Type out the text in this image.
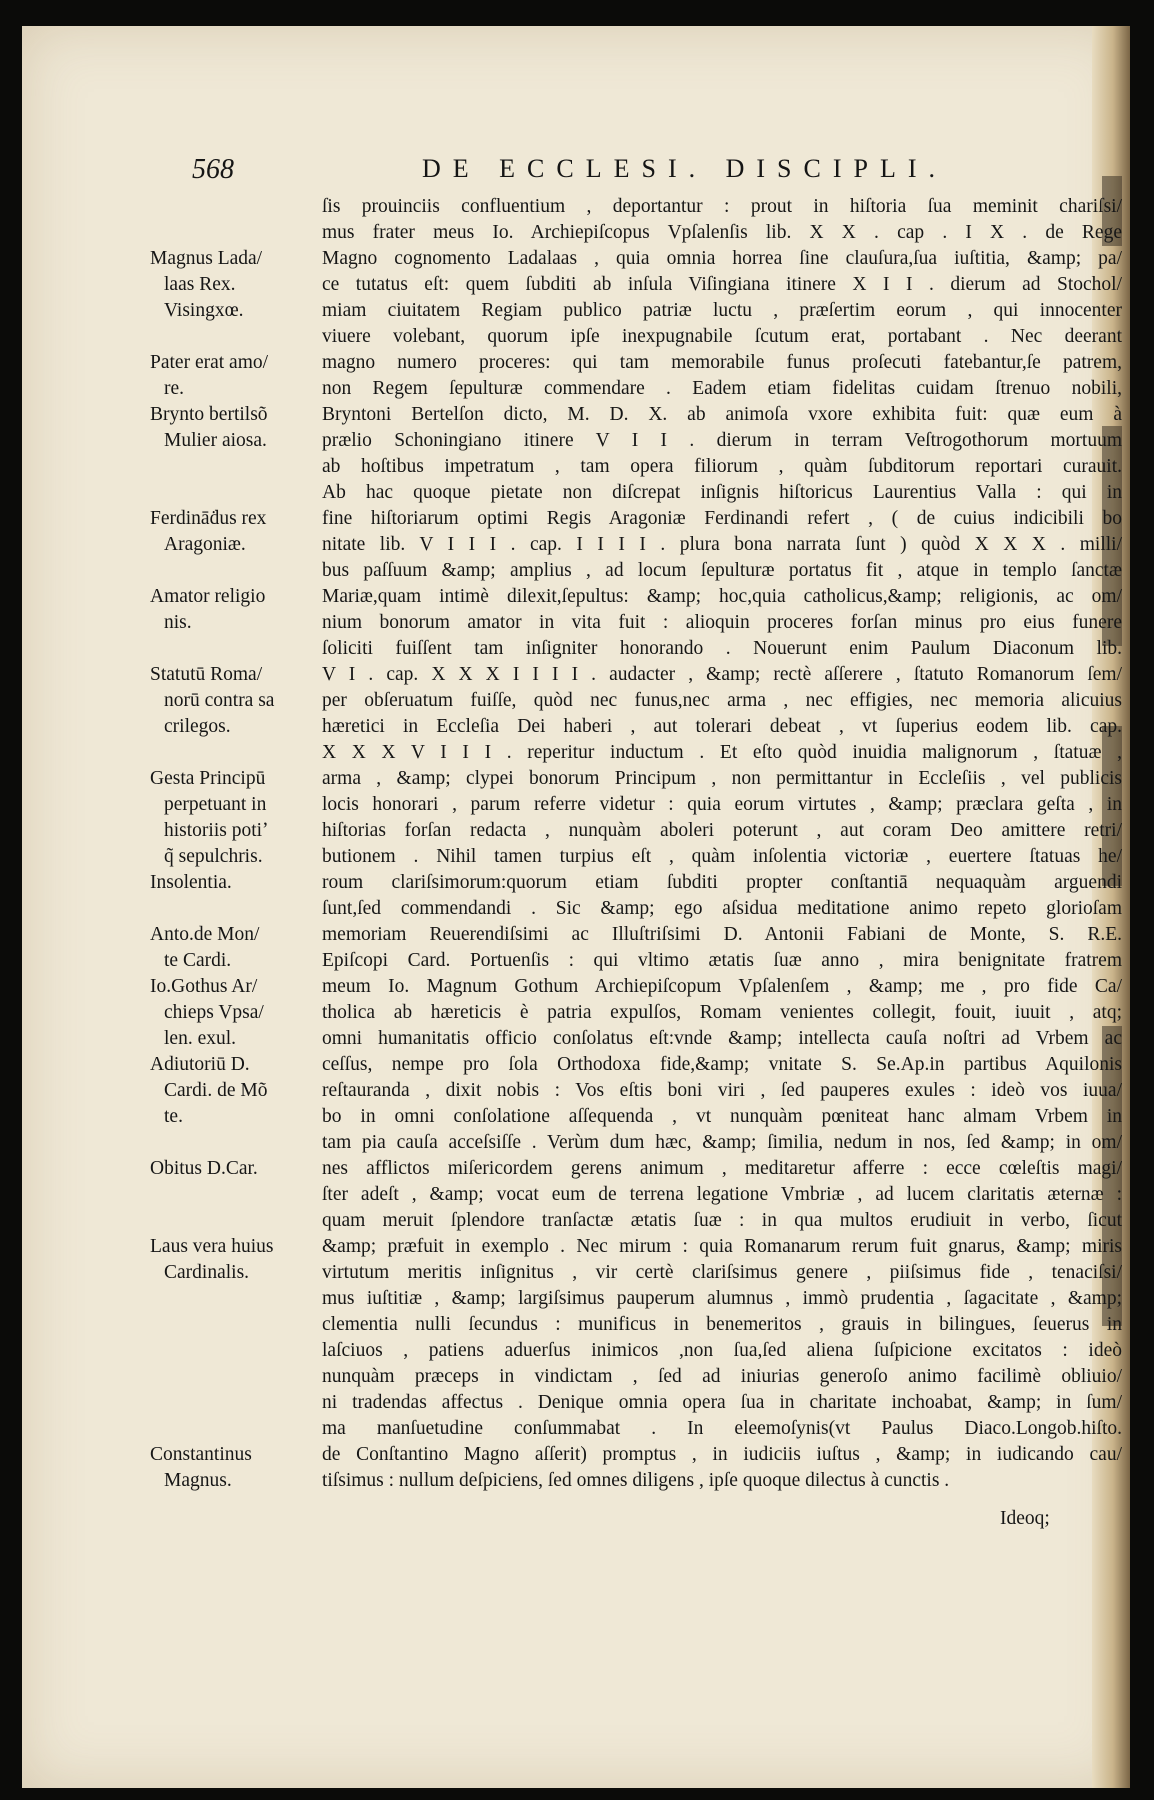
568	DE ECCLESI. DISCIPLI.
Magnus Lada/
laas Rex.
Visingxœ.
Pater erat amo/
re.
Brynto bertilsõ
Mulier aiosa.
Ferdināḋus rex
Aragoniæ.
Amator religio
nis.
Statutū Roma/
norū contra sa
crilegos.
Gesta Principū
perpetuant in
historiis potiʼ
q̃ sepulchris.
Insolentia.
Anto.de Mon/
te Cardi.
Io.Gothus Ar/
chieps Vpsa/
len. exul.
Adiutoriū D.
Cardi. de Mõ
te.
Obitus D.Car.
Laus vera huius
Cardinalis.
Constantinus
Magnus.
ſis prouinciis confluentium , deportantur : prout in hiſtoria ſua meminit chariſsi/
mus frater meus Io. Archiepiſcopus Vpſalenſis lib. X X . cap . I X . de Rege
Magno cognomento Ladalaas , quia omnia horrea ſine clauſura,ſua iuſtitia, &amp; pa/
ce tutatus eſt: quem ſubditi ab inſula Viſingiana itinere X I I . dierum ad Stochol/
miam ciuitatem Regiam publico patriæ luctu , præſertim eorum , qui innocenter
viuere volebant, quorum ipſe inexpugnabile ſcutum erat, portabant . Nec deerant
magno numero proceres: qui tam memorabile funus proſecuti fatebantur,ſe patrem,
non Regem ſepulturæ commendare . Eadem etiam fidelitas cuidam ſtrenuo nobili,
Bryntoni Bertelſon dicto, M. D. X. ab animoſa vxore exhibita fuit: quæ eum à
prælio Schoningiano itinere V I I . dierum in terram Veſtrogothorum mortuum
ab hoſtibus impetratum , tam opera filiorum , quàm ſubditorum reportari curauit.
Ab hac quoque pietate non diſcrepat inſignis hiſtoricus Laurentius Valla : qui in
fine hiſtoriarum optimi Regis Aragoniæ Ferdinandi refert , ( de cuius indicibili bo
nitate lib. V I I I . cap. I I I I . plura bona narrata ſunt ) quòd X X X . milli/
bus paſſuum &amp; amplius , ad locum ſepulturæ portatus fit , atque in templo ſanctæ
Mariæ,quam intimè dilexit,ſepultus: &amp; hoc,quia catholicus,&amp; religionis, ac om/
nium bonorum amator in vita fuit : alioquin proceres forſan minus pro eius funere
ſoliciti fuiſſent tam inſigniter honorando . Nouerunt enim Paulum Diaconum lib.
V I . cap. X X X I I I I . audacter , &amp; rectè aſſerere , ſtatuto Romanorum ſem/
per obſeruatum fuiſſe, quòd nec funus,nec arma , nec effigies, nec memoria alicuius
hæretici in Eccleſia Dei haberi , aut tolerari debeat , vt ſuperius eodem lib. cap.
X X X V I I I . reperitur inductum . Et eſto quòd inuidia malignorum , ſtatuæ ,
arma , &amp; clypei bonorum Principum , non permittantur in Eccleſiis , vel publicis
locis honorari , parum referre videtur : quia eorum virtutes , &amp; præclara geſta , in
hiſtorias forſan redacta , nunquàm aboleri poterunt , aut coram Deo amittere retri/
butionem . Nihil tamen turpius eſt , quàm inſolentia victoriæ , euertere ſtatuas he/
roum clariſsimorum:quorum etiam ſubditi propter conſtantiā nequaquàm arguendi
ſunt,ſed commendandi . Sic &amp; ego aſsidua meditatione animo repeto glorioſam
memoriam Reuerendiſsimi ac Illuſtriſsimi D. Antonii Fabiani de Monte, S. R.E.
Epiſcopi Card. Portuenſis : qui vltimo ætatis ſuæ anno , mira benignitate fratrem
meum Io. Magnum Gothum Archiepiſcopum Vpſalenſem , &amp; me , pro fide Ca/
tholica ab hæreticis è patria expulſos, Romam venientes collegit, fouit, iuuit , atq;
omni humanitatis officio conſolatus eſt:vnde &amp; intellecta cauſa noſtri ad Vrbem ac
ceſſus, nempe pro ſola Orthodoxa fide,&amp; vnitate S. Se.Ap.in partibus Aquilonis
reſtauranda , dixit nobis : Vos eſtis boni viri , ſed pauperes exules : ideò vos iuua/
bo in omni conſolatione aſſequenda , vt nunquàm pœniteat hanc almam Vrbem in
tam pia cauſa acceſsiſſe . Verùm dum hæc, &amp; ſimilia, nedum in nos, ſed &amp; in om/
nes afflictos miſericordem gerens animum , meditaretur afferre : ecce cœleſtis magi/
ſter adeſt , &amp; vocat eum de terrena legatione Vmbriæ , ad lucem claritatis æternæ :
quam meruit ſplendore tranſactæ ætatis ſuæ : in qua multos erudiuit in verbo, ſicut
&amp; præfuit in exemplo . Nec mirum : quia Romanarum rerum fuit gnarus, &amp; miris
virtutum meritis inſignitus , vir certè clariſsimus genere , piiſsimus fide , tenaciſsi/
mus iuſtitiæ , &amp; largiſsimus pauperum alumnus , immò prudentia , ſagacitate , &amp;
clementia nulli ſecundus : munificus in benemeritos , grauis in bilingues, ſeuerus in
laſciuos , patiens aduerſus inimicos ,non ſua,ſed aliena ſuſpicione excitatos : ideò
nunquàm præceps in vindictam , ſed ad iniurias generoſo animo facilimè obliuio/
ni tradendas affectus . Denique omnia opera ſua in charitate inchoabat, &amp; in ſum/
ma manſuetudine conſummabat . In eleemoſynis(vt Paulus Diaco.Longob.hiſto.
de Conſtantino Magno aſſerit) promptus , in iudiciis iuſtus , &amp; in iudicando cau/
tiſsimus : nullum deſpiciens, ſed omnes diligens , ipſe quoque dilectus à cunctis .
Ideoq;
